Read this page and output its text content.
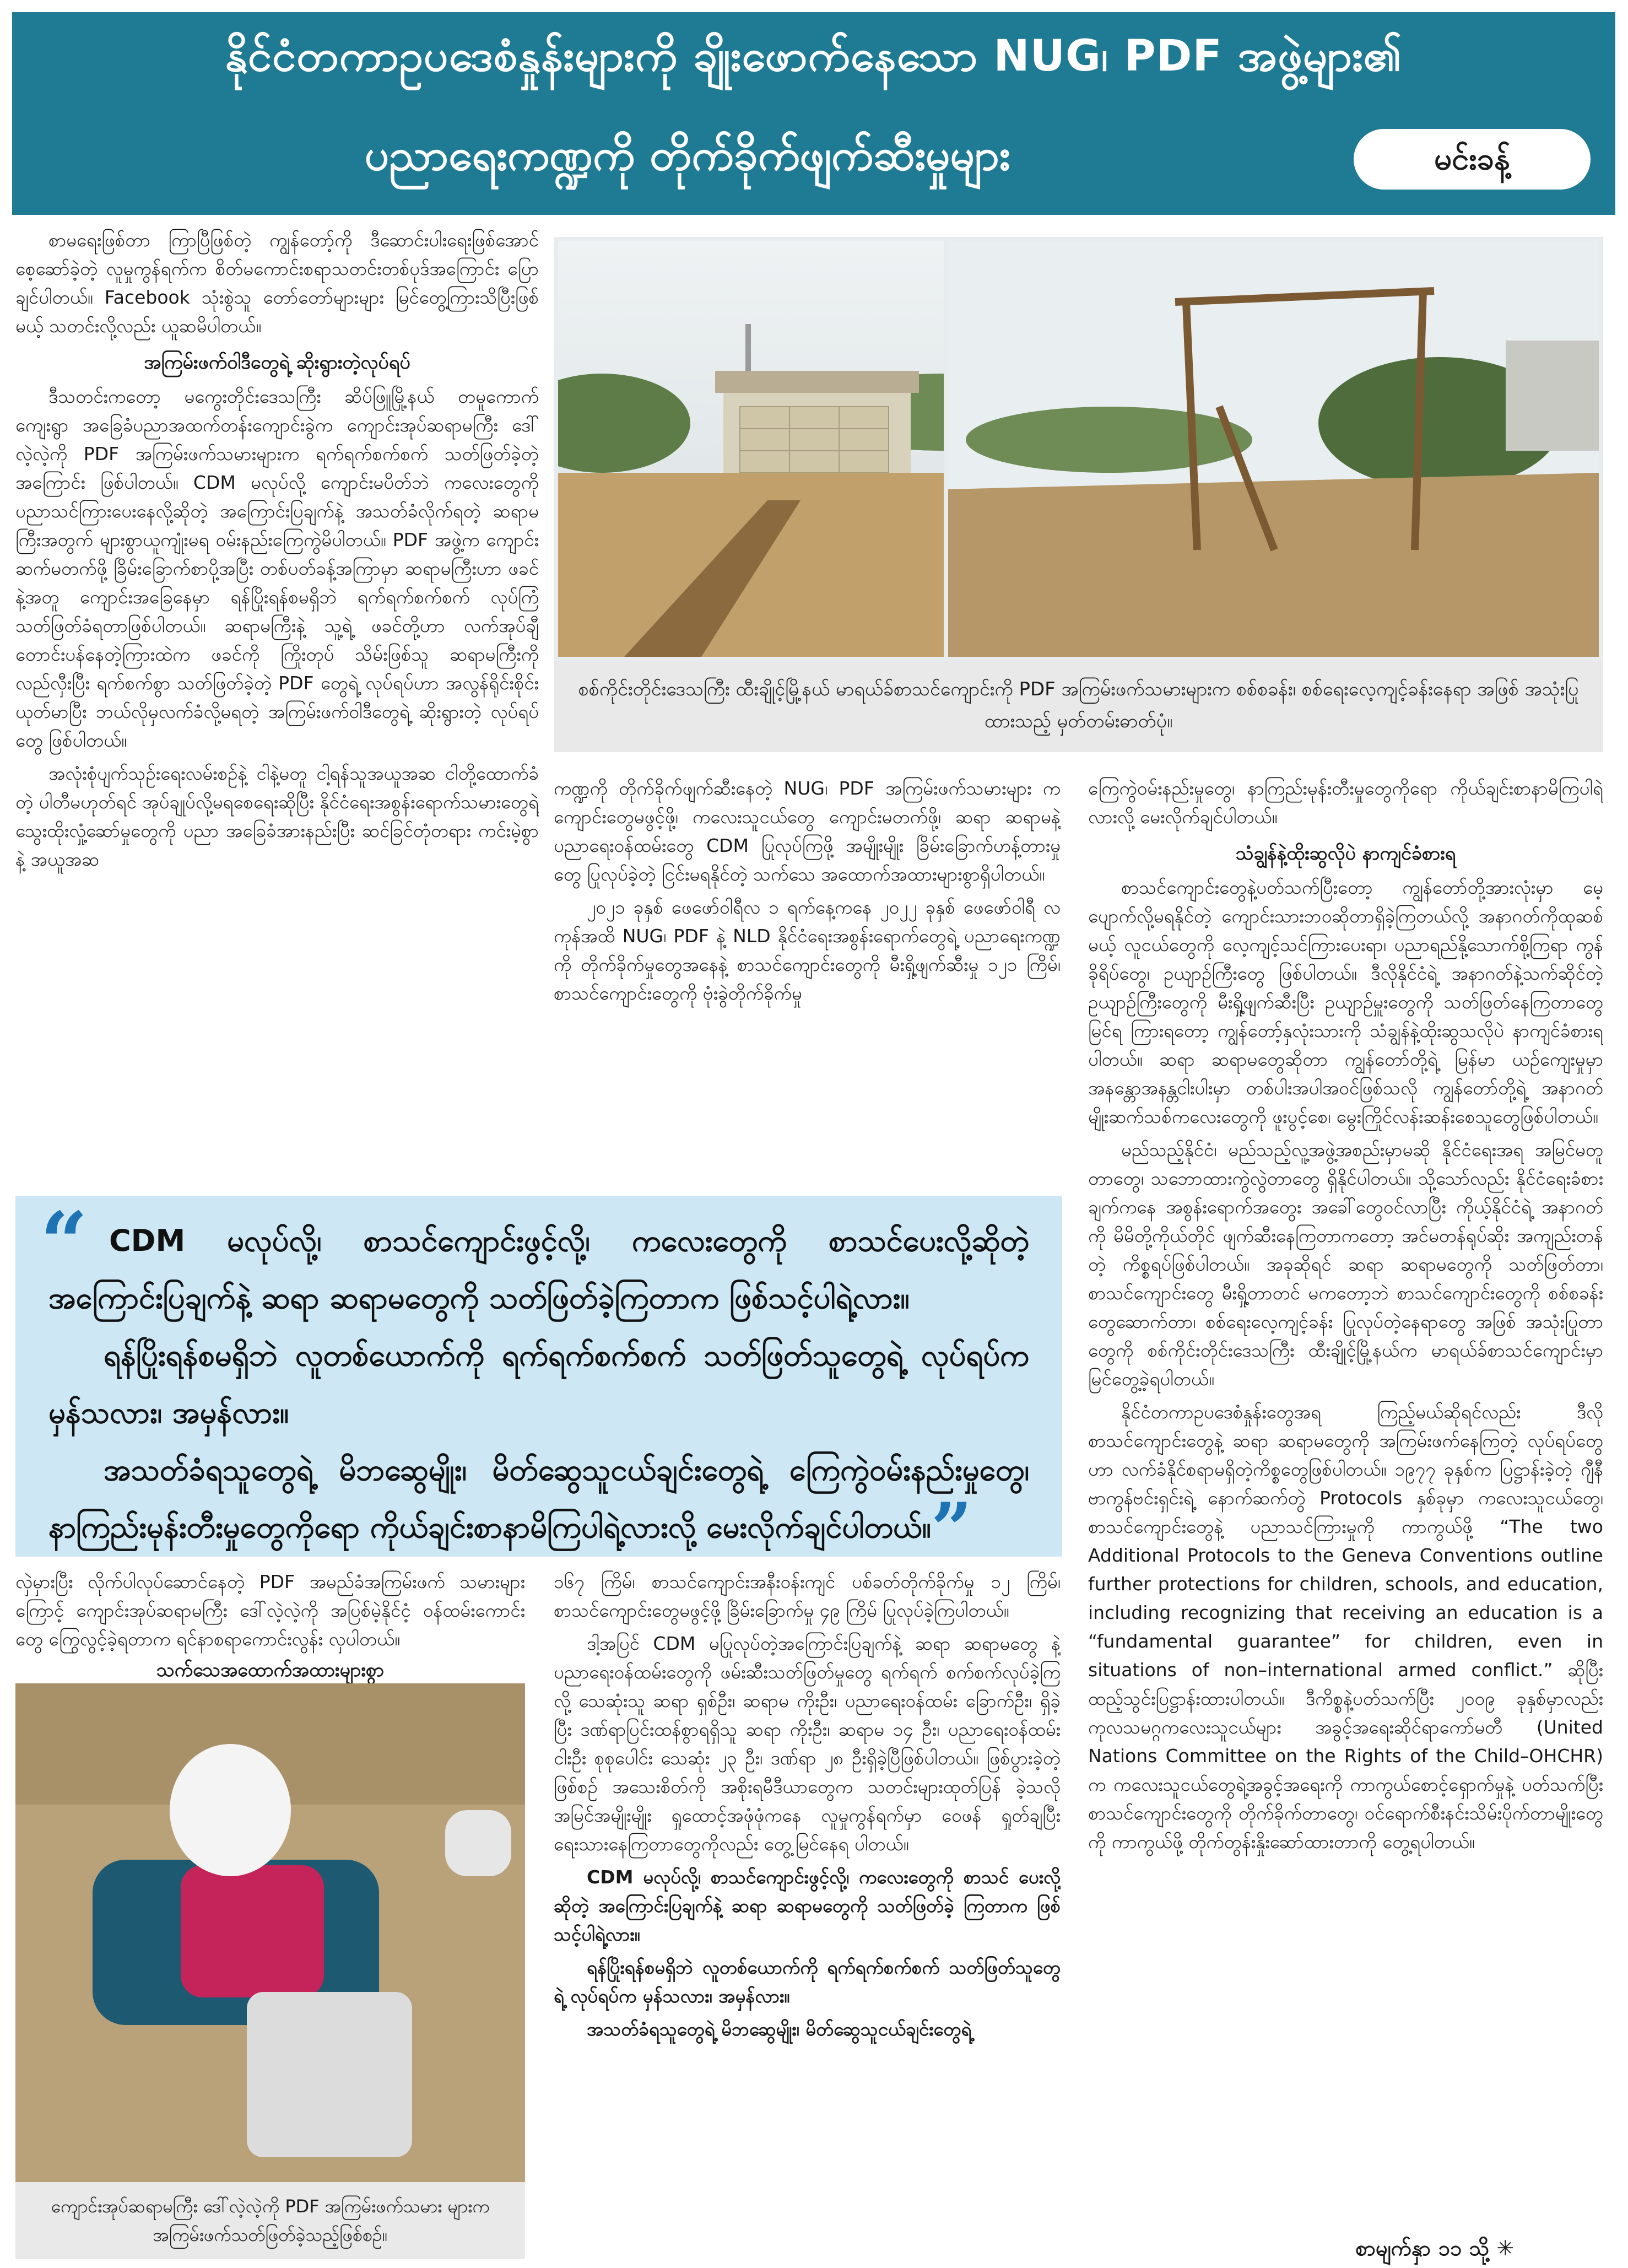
နိုင်ငံတကာဥပဒေစံနှုန်းများကို ချိုးဖောက်နေသော NUG၊ PDF အဖွဲ့များ၏
ပညာရေးကဏ္ဍကို တိုက်ခိုက်ဖျက်ဆီးမှုများ	မင်းခန့်

စာမရေးဖြစ်တာ ကြာပြီဖြစ်တဲ့ ကျွန်တော့်ကို ဒီဆောင်းပါးရေးဖြစ်အောင် စေ့ဆော်ခဲ့တဲ့ လူမှုကွန်ရက်က စိတ်မကောင်းစရာသတင်းတစ်ပုဒ်အကြောင်း ပြောချင်ပါတယ်။ Facebook သုံးစွဲသူ တော်တော်များများ မြင်တွေ့ကြားသိပြီးဖြစ်မယ့် သတင်းလို့လည်း ယူဆမိပါတယ်။

အကြမ်းဖက်ဝါဒီတွေရဲ့ ဆိုးရွားတဲ့လုပ်ရပ်

ဒီသတင်းကတော့ မကွေးတိုင်းဒေသကြီး ဆိပ်ဖြူမြို့နယ် တမူကောက်ကျေးရွာ အခြေခံပညာအထက်တန်းကျောင်းခွဲက ကျောင်းအုပ်ဆရာမကြီး ဒေါ်လဲ့လဲ့ကို PDF အကြမ်းဖက်သမားများက ရက်ရက်စက်စက် သတ်ဖြတ်ခဲ့တဲ့အကြောင်း ဖြစ်ပါတယ်။ CDM မလုပ်လို့ ကျောင်းမပိတ်ဘဲ ကလေးတွေကို ပညာသင်ကြားပေးနေလို့ဆိုတဲ့ အကြောင်းပြချက်နဲ့ အသတ်ခံလိုက်ရတဲ့ ဆရာမကြီးအတွက် များစွာယူကျုံးမရ ဝမ်းနည်းကြေကွဲမိပါတယ်။ PDF အဖွဲ့က ကျောင်းဆက်မတက်ဖို့ ခြိမ်းခြောက်စာပို့အပြီး တစ်ပတ်ခန့်အကြာမှာ ဆရာမကြီးဟာ ဖခင်နဲ့အတူ ကျောင်းအခြေနေမှာ ရန်ပြိုးရန်စမရှိဘဲ ရက်ရက်စက်စက် လုပ်ကြံသတ်ဖြတ်ခံရတာဖြစ်ပါတယ်။ ဆရာမကြီးနဲ့ သူ့ရဲ့ ဖခင်တို့ဟာ လက်အုပ်ချီတောင်းပန်နေတဲ့ကြားထဲက ဖခင်ကို ကြိုးတုပ် သိမ်းဖြစ်သူ ဆရာမကြီးကို လည်လှီးပြီး ရက်စက်စွာ သတ်ဖြတ်ခဲ့တဲ့ PDF တွေရဲ့ လုပ်ရပ်ဟာ အလွန်ရိုင်းစိုင်းယုတ်မာပြီး ဘယ်လိုမှလက်ခံလို့မရတဲ့ အကြမ်းဖက်ဝါဒီတွေရဲ့ ဆိုးရွားတဲ့ လုပ်ရပ်တွေ ဖြစ်ပါတယ်။

အလုံးစုံပျက်သုဉ်းရေးလမ်းစဉ်နဲ့ ငါနဲ့မတူ ငါ့ရန်သူအယူအဆ ငါတို့ထောက်ခံတဲ့ ပါတီမဟုတ်ရင် အုပ်ချုပ်လို့မရစေရေးဆိုပြီး နိုင်ငံရေးအစွန်းရောက်သမားတွေရဲ့ သွေးထိုးလှုံ့ဆော်မှုတွေကို ပညာ အခြေခံအားနည်းပြီး ဆင်ခြင်တုံတရား ကင်းမဲ့စွာနဲ့ အယူအဆ

စစ်ကိုင်းတိုင်းဒေသကြီး ထီးချိုင့်မြို့နယ် မာရယ်ခ်စာသင်ကျောင်းကို PDF အကြမ်းဖက်သမားများက စစ်စခန်း၊ စစ်ရေးလေ့ကျင့်ခန်းနေရာ အဖြစ် အသုံးပြုထားသည့် မှတ်တမ်းဓာတ်ပုံ။

ကဏ္ဍကို တိုက်ခိုက်ဖျက်ဆီးနေတဲ့ NUG၊ PDF အကြမ်းဖက်သမားများ က ကျောင်းတွေမဖွင့်ဖို့၊ ကလေးသူငယ်တွေ ကျောင်းမတက်ဖို့၊ ဆရာ ဆရာမနဲ့ ပညာရေးဝန်ထမ်းတွေ CDM ပြုလုပ်ကြဖို့ အမျိုးမျိုး ခြိမ်းခြောက်ဟန့်တားမှုတွေ ပြုလုပ်ခဲ့တဲ့ ငြင်းမရနိုင်တဲ့ သက်သေ အထောက်အထားများစွာရှိပါတယ်။

၂၀၂၁ ခုနှစ် ဖေဖော်ဝါရီလ ၁ ရက်နေ့ကနေ ၂၀၂၂ ခုနှစ် ဖေဖော်ဝါရီ လကုန်အထိ NUG၊ PDF နဲ့ NLD နိုင်ငံရေးအစွန်းရောက်တွေရဲ့ ပညာရေးကဏ္ဍကို တိုက်ခိုက်မှုတွေအနေနဲ့ စာသင်ကျောင်းတွေကို မီးရှို့ဖျက်ဆီးမှု ၁၂၁ ကြိမ်၊ စာသင်ကျောင်းတွေကို ဗုံးခွဲတိုက်ခိုက်မှု

ကြေကွဲဝမ်းနည်းမှုတွေ၊ နာကြည်းမုန်းတီးမှုတွေကိုရော ကိုယ်ချင်းစာနာမိကြပါရဲ့လားလို့ မေးလိုက်ချင်ပါတယ်။

သံချွန်နဲ့ထိုးဆွလိုပဲ နာကျင်ခံစားရ

စာသင်ကျောင်းတွေနဲ့ပတ်သက်ပြီးတော့ ကျွန်တော်တို့အားလုံးမှာ မေ့ပျောက်လို့မရနိုင်တဲ့ ကျောင်းသားဘဝဆိုတာရှိခဲ့ကြတယ်လို့ အနာဂတ်ကိုထုဆစ်မယ့် လူငယ်တွေကို လေ့ကျင့်သင်ကြားပေးရာ၊ ပညာရည်နို့သောက်စို့ကြရာ ကွန်ခိုရိပ်တွေ၊ ဥယျာဉ်ကြီးတွေ ဖြစ်ပါတယ်။ ဒီလိုနိုင်ငံရဲ့ အနာဂတ်နဲ့သက်ဆိုင်တဲ့ ဥယျာဉ်ကြီးတွေကို မီးရှို့ဖျက်ဆီးပြီး ဥယျာဉ်မှူးတွေကို သတ်ဖြတ်နေကြတာတွေ မြင်ရ ကြားရတော့ ကျွန်တော့်နှလုံးသားကို သံချွန်နဲ့ထိုးဆွသလိုပဲ နာကျင်ခံစားရပါတယ်။ ဆရာ ဆရာမတွေဆိုတာ ကျွန်တော်တို့ရဲ့ မြန်မာ ယဉ်ကျေးမှုမှာ အနန္တောအနန္တငါးပါးမှာ တစ်ပါးအပါအဝင်ဖြစ်သလို ကျွန်တော်တို့ရဲ့ အနာဂတ်မျိုးဆက်သစ်ကလေးတွေကို ဖူးပွင့်စေ၊ မွေးကြိုင်လန်းဆန်းစေသူတွေဖြစ်ပါတယ်။

မည်သည့်နိုင်ငံ၊ မည်သည့်လူ့အဖွဲ့အစည်းမှာမဆို နိုင်ငံရေးအရ အမြင်မတူတာတွေ၊ သဘောထားကွဲလွဲတာတွေ ရှိနိုင်ပါတယ်။ သို့သော်လည်း နိုင်ငံရေးခံစားချက်ကနေ အစွန်းရောက်အတွေး အခေါ်တွေဝင်လာပြီး ကိုယ့်နိုင်ငံရဲ့ အနာဂတ်ကို မိမိတို့ကိုယ်တိုင် ဖျက်ဆီးနေကြတာကတော့ အင်မတန်ရုပ်ဆိုး အကျည်းတန်တဲ့ ကိစ္စရပ်ဖြစ်ပါတယ်။ အခုဆိုရင် ဆရာ ဆရာမတွေကို သတ်ဖြတ်တာ၊ စာသင်ကျောင်းတွေ မီးရှို့တာတင် မကတော့ဘဲ စာသင်ကျောင်းတွေကို စစ်စခန်းတွေဆောက်တာ၊ စစ်ရေးလေ့ကျင့်ခန်း ပြုလုပ်တဲ့နေရာတွေ အဖြစ် အသုံးပြုတာတွေကို စစ်ကိုင်းတိုင်းဒေသကြီး ထီးချိုင့်မြို့နယ်က မာရယ်ခ်စာသင်ကျောင်းမှာ မြင်တွေ့ခဲ့ရပါတယ်။

နိုင်ငံတကာဥပဒေစံနှုန်းတွေအရ ကြည့်မယ်ဆိုရင်လည်း ဒီလို စာသင်ကျောင်းတွေနဲ့ ဆရာ ဆရာမတွေကို အကြမ်းဖက်နေကြတဲ့ လုပ်ရပ်တွေဟာ လက်ခံနိုင်စရာမရှိတဲ့ကိစ္စတွေဖြစ်ပါတယ်။ ၁၉၇၇ ခုနှစ်က ပြဋ္ဌာန်းခဲ့တဲ့ ဂျီနီဗာကွန်ဗင်းရှင်းရဲ့ နောက်ဆက်တွဲ Protocols နှစ်ခုမှာ ကလေးသူငယ်တွေ၊ စာသင်ကျောင်းတွေနဲ့ ပညာသင်ကြားမှုကို ကာကွယ်ဖို့ “The two Additional Protocols to the Geneva Conventions outline further protections for children, schools, and education, including recognizing that receiving an education is a “fundamental guarantee” for children, even in situations of non–international armed conflict.” ဆိုပြီး ထည့်သွင်းပြဋ္ဌာန်းထားပါတယ်။ ဒီကိစ္စနဲ့ပတ်သက်ပြီး ၂၀၀၉ ခုနှစ်မှာလည်း ကုလသမဂ္ဂကလေးသူငယ်များ အခွင့်အရေးဆိုင်ရာကော်မတီ (United Nations Committee on the Rights of the Child–OHCHR) က ကလေးသူငယ်တွေရဲ့အခွင့်အရေးကို ကာကွယ်စောင့်ရှောက်မှုနဲ့ ပတ်သက်ပြီး စာသင်ကျောင်းတွေကို တိုက်ခိုက်တာတွေ၊ ဝင်ရောက်စီးနင်းသိမ်းပိုက်တာမျိုးတွေကို ကာကွယ်ဖို့ တိုက်တွန်းနှိုးဆော်ထားတာကို တွေ့ရပါတယ်။

“ CDM မလုပ်လို့၊ စာသင်ကျောင်းဖွင့်လို့၊ ကလေးတွေကို စာသင်ပေးလို့ဆိုတဲ့ အကြောင်းပြချက်နဲ့ ဆရာ ဆရာမတွေကို သတ်ဖြတ်ခဲ့ကြတာက ဖြစ်သင့်ပါရဲ့လား။

ရန်ပြိုးရန်စမရှိဘဲ လူတစ်ယောက်ကို ရက်ရက်စက်စက် သတ်ဖြတ်သူတွေရဲ့ လုပ်ရပ်က မှန်သလား၊ အမှန်လား။

အသတ်ခံရသူတွေရဲ့ မိဘဆွေမျိုး၊ မိတ်ဆွေသူငယ်ချင်းတွေရဲ့ ကြေကွဲဝမ်းနည်းမှုတွေ၊ နာကြည်းမုန်းတီးမှုတွေကိုရော ကိုယ်ချင်းစာနာမိကြပါရဲ့လားလို့ မေးလိုက်ချင်ပါတယ်။”

လှဲမှားပြီး လိုက်ပါလုပ်ဆောင်နေတဲ့ PDF အမည်ခံအကြမ်းဖက် သမားများကြောင့် ကျောင်းအုပ်ဆရာမကြီး ဒေါ်လဲ့လဲ့ကို အပြစ်မဲ့နိုင်ငံ့ ဝန်ထမ်းကောင်းတွေ ကြွေလွင့်ခဲ့ရတာက ရင်နာစရာကောင်းလွန်း လှပါတယ်။

သက်သေအထောက်အထားများစွာ
ကျောင်းအုပ်ဆရာမကြီး ဒေါ်လဲ့လဲ့ကို PDF အကြမ်းဖက်သမား များက အကြမ်းဖက်သတ်ဖြတ်ခဲ့သည့်ဖြစ်စဉ်။

၁၆၇ ကြိမ်၊ စာသင်ကျောင်းအနီးဝန်းကျင် ပစ်ခတ်တိုက်ခိုက်မှု ၁၂ ကြိမ်၊ စာသင်ကျောင်းတွေမဖွင့်ဖို့ ခြိမ်းခြောက်မှု ၄၉ ကြိမ် ပြုလုပ်ခဲ့ကြပါတယ်။

ဒါ့အပြင် CDM မပြုလုပ်တဲ့အကြောင်းပြချက်နဲ့ ဆရာ ဆရာမတွေ နဲ့ ပညာရေးဝန်ထမ်းတွေကို ဖမ်းဆီးသတ်ဖြတ်မှုတွေ ရက်ရက် စက်စက်လုပ်ခဲ့ကြလို့ သေဆုံးသူ ဆရာ ရှစ်ဦး၊ ဆရာမ ကိုးဦး၊ ပညာရေးဝန်ထမ်း ခြောက်ဦး၊ ရှိခဲ့ပြီး ဒဏ်ရာပြင်းထန်စွာရရှိသူ ဆရာ ကိုးဦး၊ ဆရာမ ၁၄ ဦး၊ ပညာရေးဝန်ထမ်း ငါးဦး စုစုပေါင်း သေဆုံး ၂၃ ဦး၊ ဒဏ်ရာ ၂၈ ဦးရှိခဲ့ပြီဖြစ်ပါတယ်။ ဖြစ်ပွားခဲ့တဲ့ ဖြစ်စဉ် အသေးစိတ်ကို အစိုးရမီဒီယာတွေက သတင်းများထုတ်ပြန် ခဲ့သလို အမြင်အမျိုးမျိုး ရှုထောင့်အဖုံဖုံကနေ လူမှုကွန်ရက်မှာ ဝေဖန် ရှုတ်ချပြီး ရေးသားနေကြတာတွေကိုလည်း တွေ့မြင်နေရ ပါတယ်။

CDM မလုပ်လို့၊ စာသင်ကျောင်းဖွင့်လို့၊ ကလေးတွေကို စာသင် ပေးလို့ဆိုတဲ့ အကြောင်းပြချက်နဲ့ ဆရာ ဆရာမတွေကို သတ်ဖြတ်ခဲ့ ကြတာက ဖြစ်သင့်ပါရဲ့လား။

ရန်ပြိုးရန်စမရှိဘဲ လူတစ်ယောက်ကို ရက်ရက်စက်စက် သတ်ဖြတ်သူတွေရဲ့ လုပ်ရပ်က မှန်သလား၊ အမှန်လား။

အသတ်ခံရသူတွေရဲ့ မိဘဆွေမျိုး၊ မိတ်ဆွေသူငယ်ချင်းတွေရဲ့

စာမျက်နှာ ၁၁ သို့ ✳
